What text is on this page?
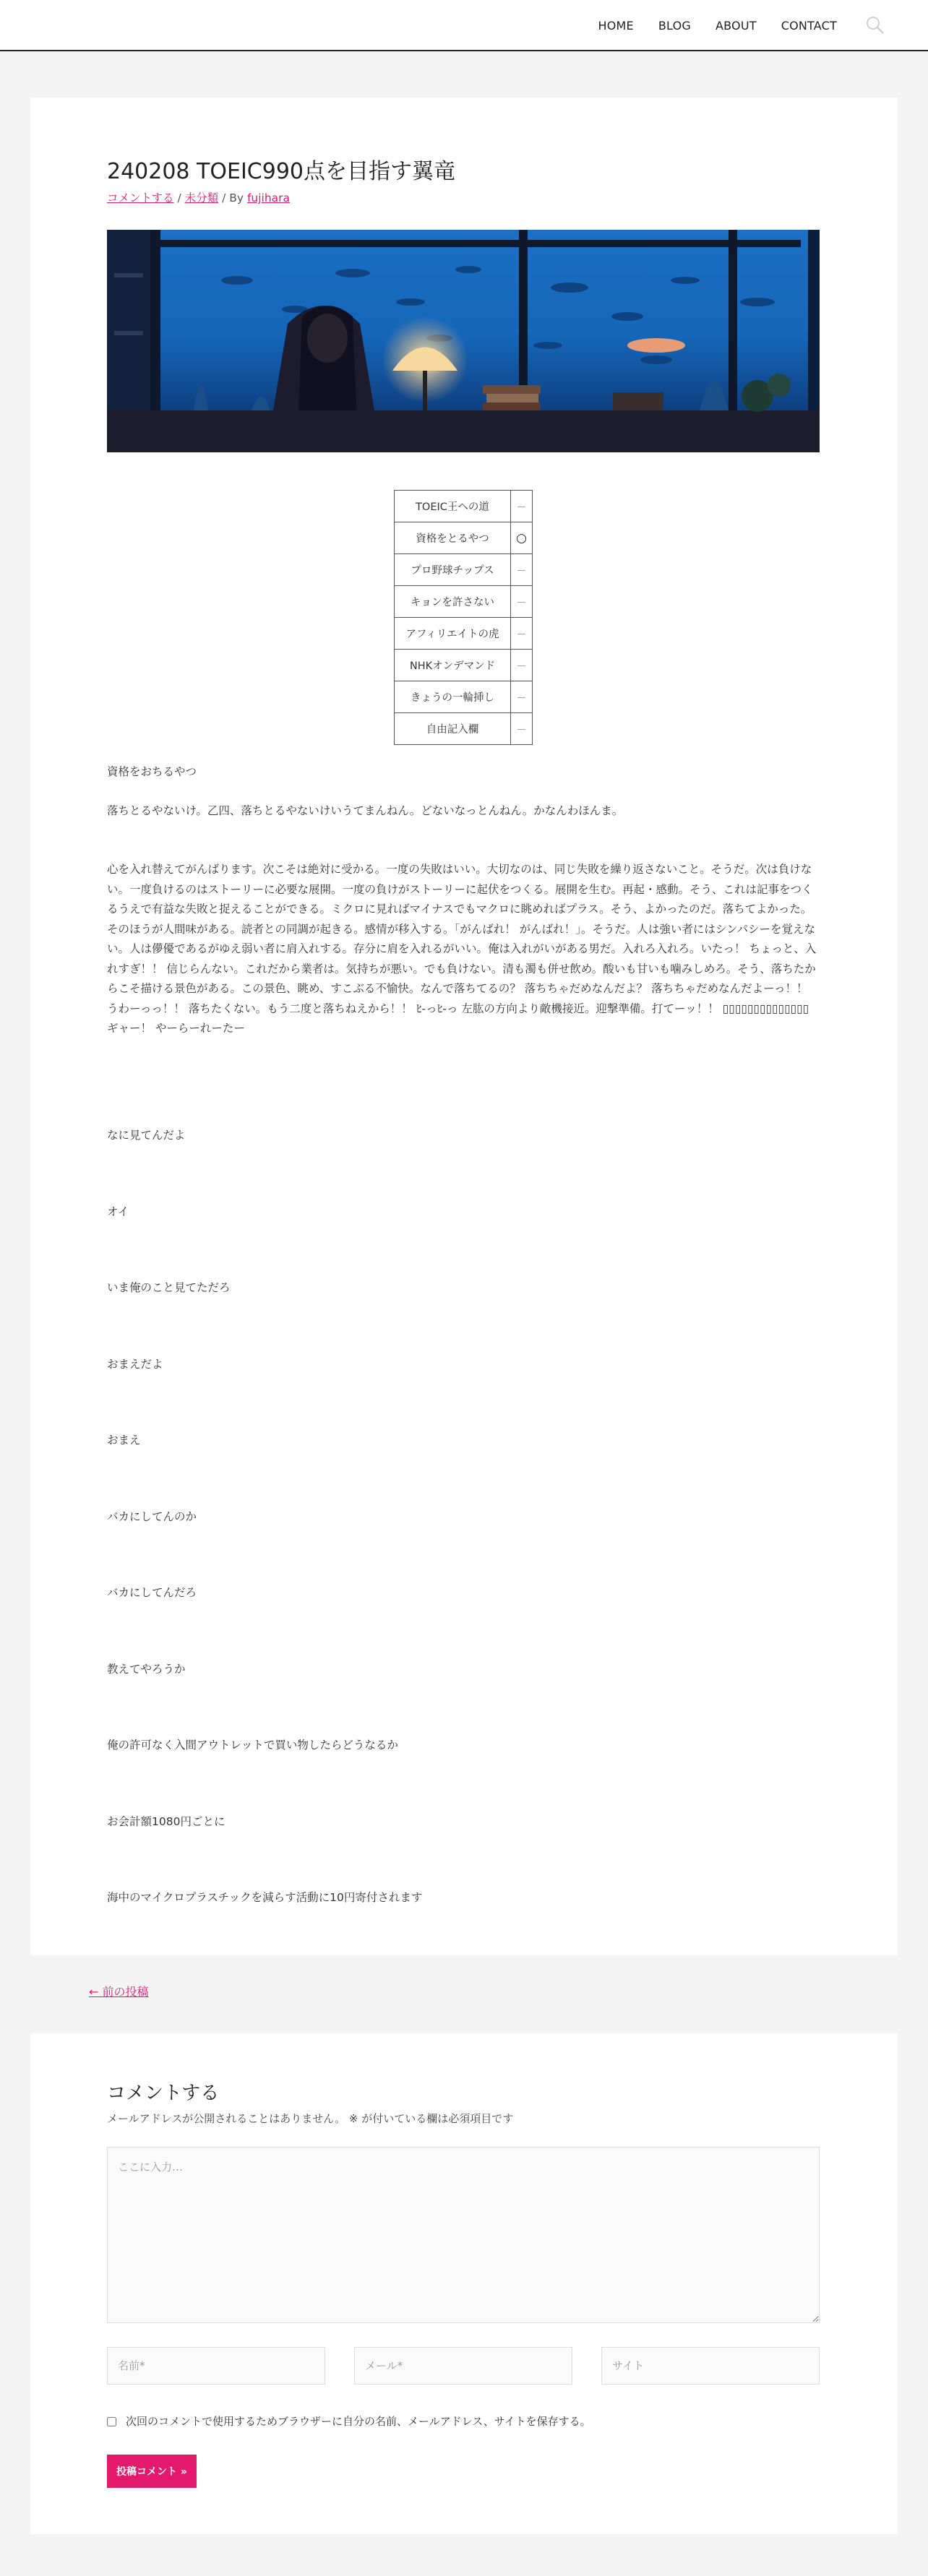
HOME BLOG ABOUT CONTACT
240208 TOEIC990点を目指す翼竜
コメントする / 未分類 / By fujihara
TOEIC王への道	—
資格をとるやつ	○
プロ野球チップス	—
キョンを許さない	—
アフィリエイトの虎	—
NHKオンデマンド	—
きょうの一輪挿し	—
自由記入欄	—

資格をおちるやつ

落ちとるやないけ。乙四、落ちとるやないけいうてまんねん。どないなっとんねん。かなんわほんま。

心を入れ替えてがんばります。次こそは絶対に受かる。一度の失敗はいい。大切なのは、同じ失敗を繰り返さないこと。そうだ。次は負けない。一度負けるのはストーリーに必要な展開。一度の負けがストーリーに起伏をつくる。展開を生む。再起・感動。そう、これは記事をつくるうえで有益な失敗と捉えることができる。ミクロに見ればマイナスでもマクロに眺めればプラス。そう、よかったのだ。落ちてよかった。そのほうが人間味がある。読者との同調が起きる。感情が移入する。「がんばれ！ がんばれ！」。そうだ。人は強い者にはシンパシーを覚えない。人は儚優であるがゆえ弱い者に肩入れする。存分に肩を入れるがいい。俺は入れがいがある男だ。入れろ入れろ。いたっ！ ちょっと、入れすぎ！！ 信じらんない。これだから業者は。気持ちが悪い。でも負けない。清も濁も併せ飲め。酸いも甘いも噛みしめろ。そう、落ちたからこそ描ける景色がある。この景色、眺め、すこぶる不愉快。なんで落ちてるの？ 落ちちゃだめなんだよ？ 落ちちゃだめなんだよーっ！！ うわーっっ！！ 落ちたくない。もう二度と落ちねえから！！ ﾋ-っﾋ-っ 左肱の方向より敵機接近。迎撃準備。打てーッ！！ ▯▯▯▯▯▯▯▯▯▯▯▯▯▯ ギャー！ やーらーれーたー

なに見てんだよ

オイ

いま俺のこと見てただろ

おまえだよ

おまえ

バカにしてんのか

バカにしてんだろ

教えてやろうか

俺の許可なく入間アウトレットで買い物したらどうなるか

お会計額1080円ごとに

海中のマイクロプラスチックを減らす活動に10円寄付されます

← 前の投稿
コメントする
メールアドレスが公開されることはありません。 ※ が付いている欄は必須項目です
ここに入力…
名前*
メール*
サイト
次回のコメントで使用するためブラウザーに自分の名前、メールアドレス、サイトを保存する。
投稿コメント »
